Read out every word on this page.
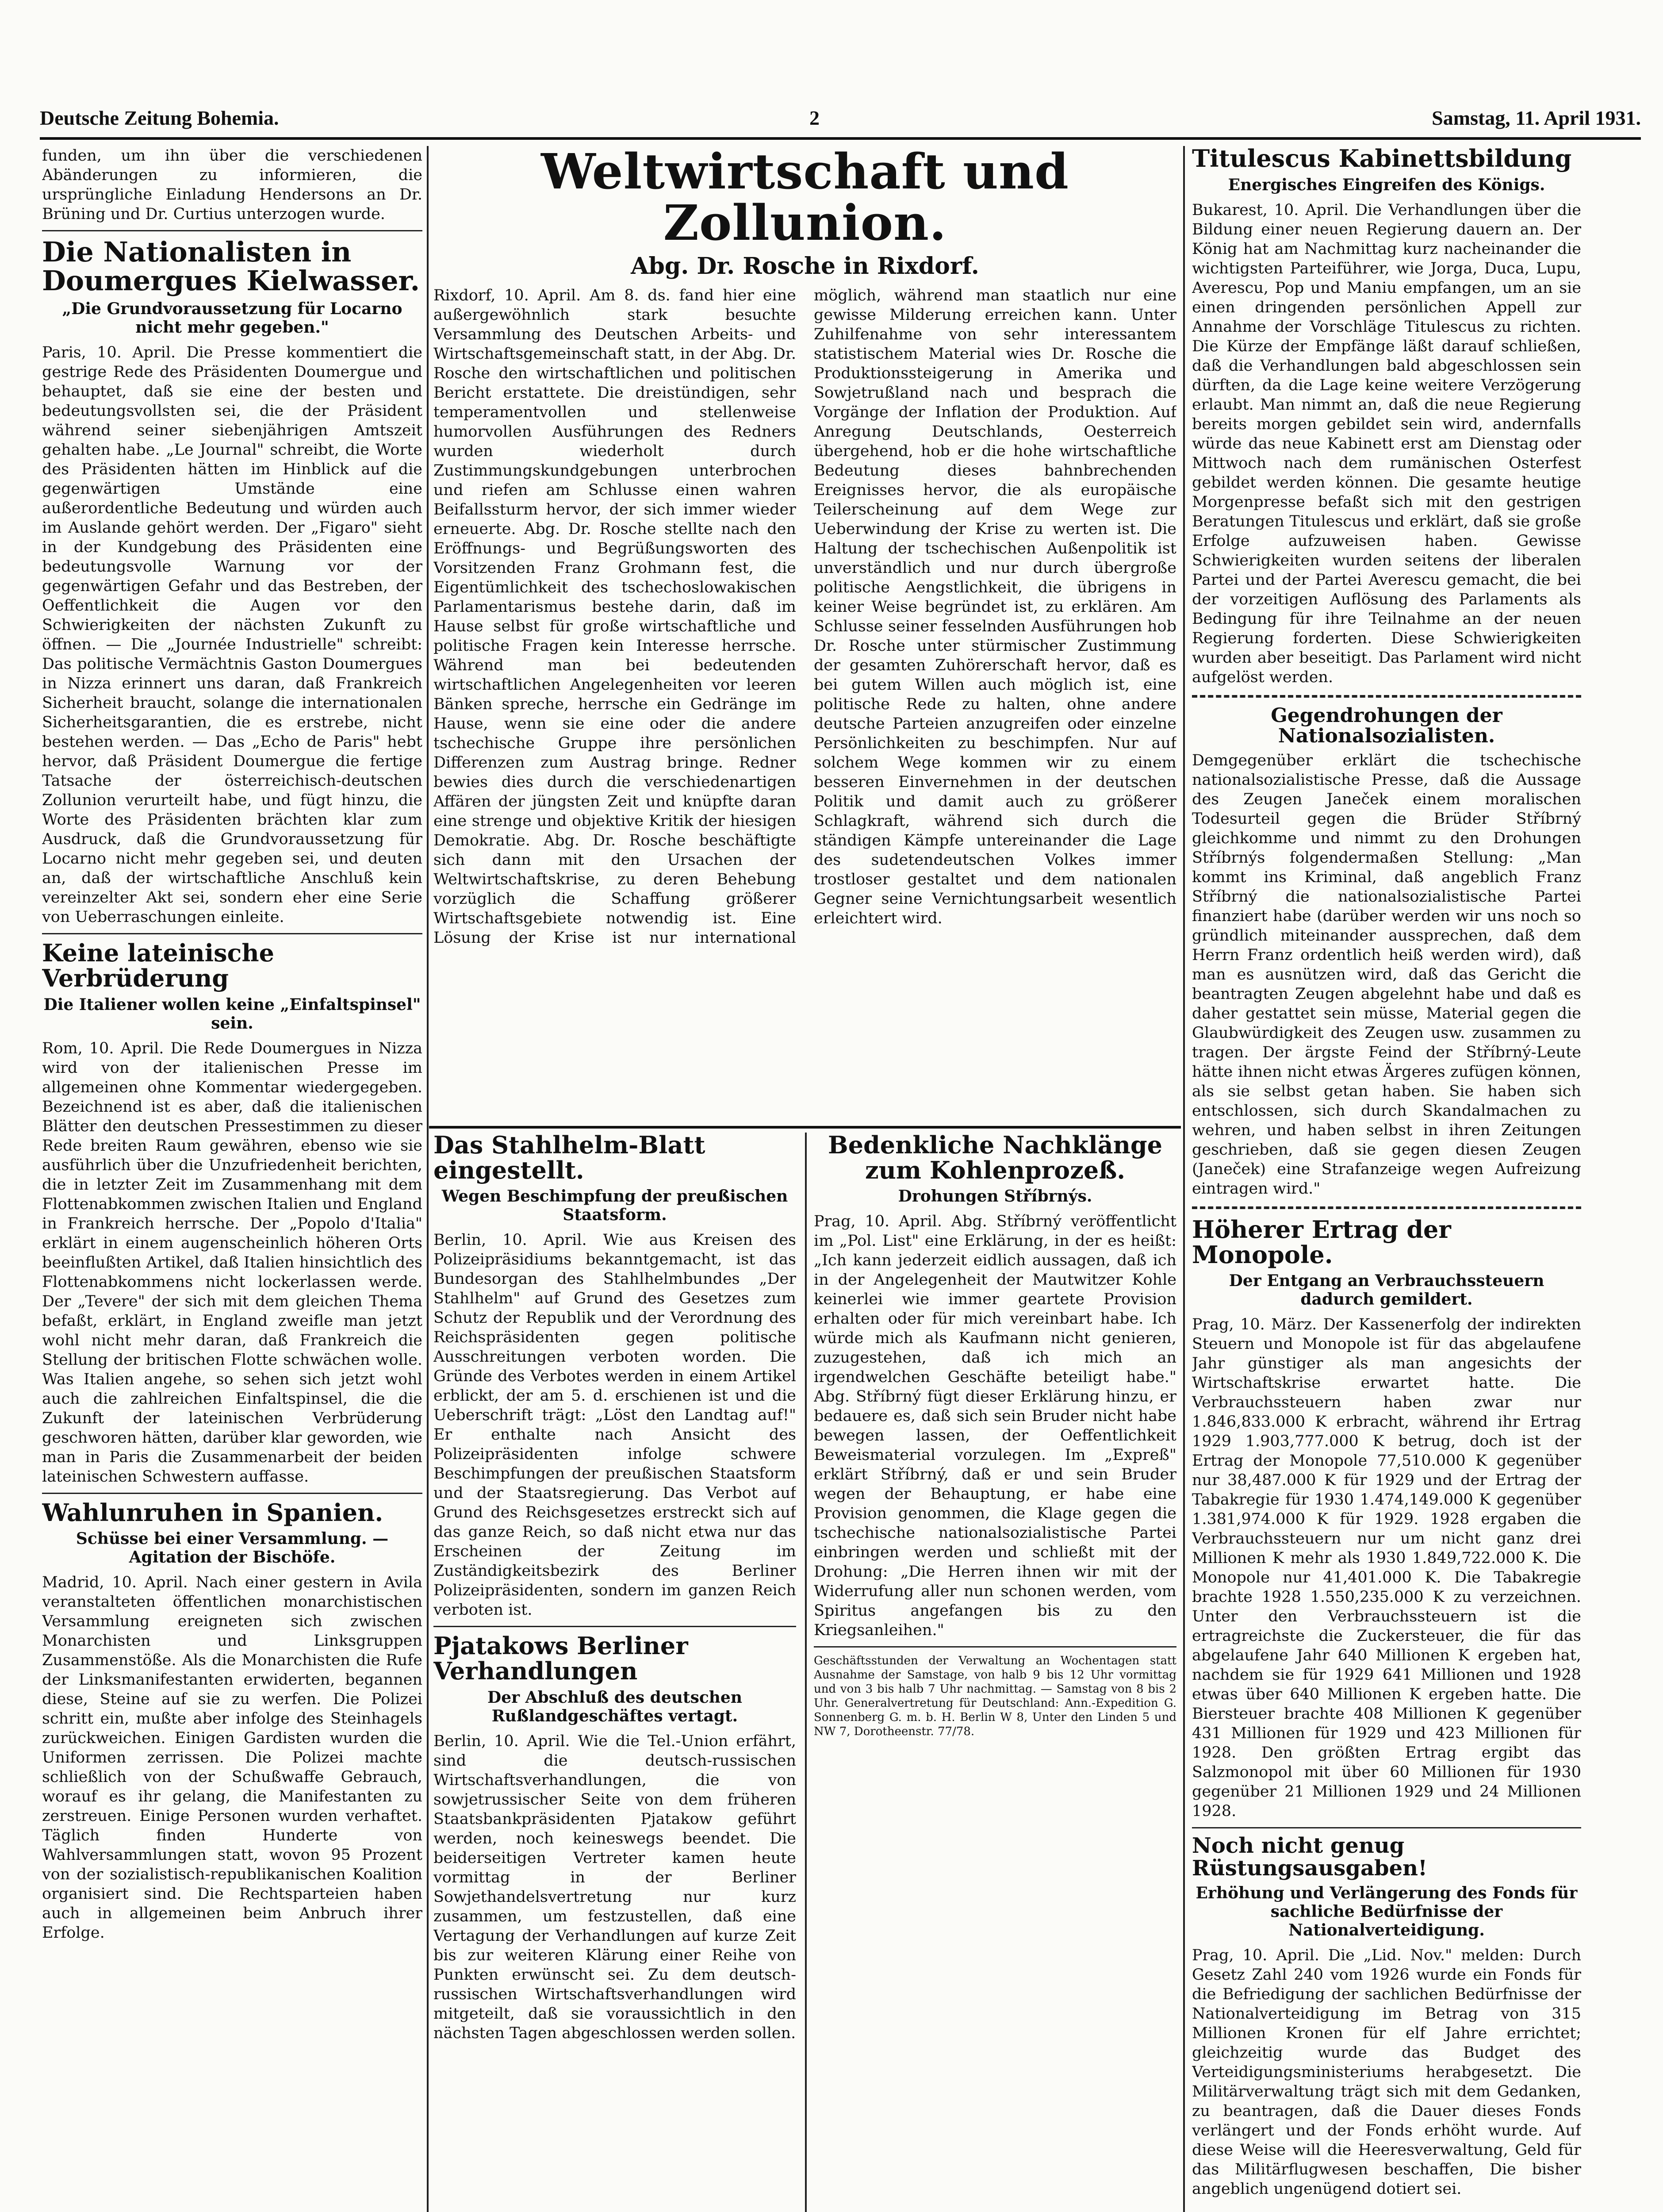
Deutsche Zeitung Bohemia.	2	Samstag, 11. April 1931.

funden, um ihn über die verschiedenen Abänderungen zu informieren, die ursprüngliche Einladung Hendersons an Dr. Brüning und Dr. Curtius unterzogen wurde.

Die Nationalisten in Doumergues Kielwasser.
„Die Grundvoraussetzung für Locarno nicht mehr gegeben."

Paris, 10. April. Die Presse kommentiert die gestrige Rede des Präsidenten Doumergue und behauptet, daß sie eine der besten und bedeutungsvollsten sei, die der Präsident während seiner siebenjährigen Amtszeit gehalten habe. „Le Journal" schreibt, die Worte des Präsidenten hätten im Hinblick auf die gegenwärtigen Umstände eine außerordentliche Bedeutung und würden auch im Auslande gehört werden. Der „Figaro" sieht in der Kundgebung des Präsidenten eine bedeutungsvolle Warnung vor der gegenwärtigen Gefahr und das Bestreben, der Oeffentlichkeit die Augen vor den Schwierigkeiten der nächsten Zukunft zu öffnen. — Die „Journée Industrielle" schreibt: Das politische Vermächtnis Gaston Doumergues in Nizza erinnert uns daran, daß Frankreich Sicherheit braucht, solange die internationalen Sicherheitsgarantien, die es erstrebe, nicht bestehen werden. — Das „Echo de Paris" hebt hervor, daß Präsident Doumergue die fertige Tatsache der österreichisch-deutschen Zollunion verurteilt habe, und fügt hinzu, die Worte des Präsidenten brächten klar zum Ausdruck, daß die Grundvoraussetzung für Locarno nicht mehr gegeben sei, und deuten an, daß der wirtschaftliche Anschluß kein vereinzelter Akt sei, sondern eher eine Serie von Ueberraschungen einleite.

Keine lateinische Verbrüderung
Die Italiener wollen keine „Einfaltspinsel" sein.

Rom, 10. April. Die Rede Doumergues in Nizza wird von der italienischen Presse im allgemeinen ohne Kommentar wiedergegeben. Bezeichnend ist es aber, daß die italienischen Blätter den deutschen Pressestimmen zu dieser Rede breiten Raum gewähren, ebenso wie sie ausführlich über die Unzufriedenheit berichten, die in letzter Zeit im Zusammenhang mit dem Flottenabkommen zwischen Italien und England in Frankreich herrsche. Der „Popolo d'Italia" erklärt in einem augenscheinlich höheren Orts beeinflußten Artikel, daß Italien hinsichtlich des Flottenabkommens nicht lockerlassen werde. Der „Tevere" der sich mit dem gleichen Thema befaßt, erklärt, in England zweifle man jetzt wohl nicht mehr daran, daß Frankreich die Stellung der britischen Flotte schwächen wolle. Was Italien angehe, so sehen sich jetzt wohl auch die zahlreichen Einfaltspinsel, die die Zukunft der lateinischen Verbrüderung geschworen hätten, darüber klar geworden, wie man in Paris die Zusammenarbeit der beiden lateinischen Schwestern auffasse.

Wahlunruhen in Spanien.
Schüsse bei einer Versammlung. — Agitation der Bischöfe.

Madrid, 10. April. Nach einer gestern in Avila veranstalteten öffentlichen monarchistischen Versammlung ereigneten sich zwischen Monarchisten und Linksgruppen Zusammenstöße. Als die Monarchisten die Rufe der Linksmanifestanten erwiderten, begannen diese, Steine auf sie zu werfen. Die Polizei schritt ein, mußte aber infolge des Steinhagels zurückweichen. Einigen Gardisten wurden die Uniformen zerrissen. Die Polizei machte schließlich von der Schußwaffe Gebrauch, worauf es ihr gelang, die Manifestanten zu zerstreuen. Einige Personen wurden verhaftet. Täglich finden Hunderte von Wahlversammlungen statt, wovon 95 Prozent von der sozialistisch-republikanischen Koalition organisiert sind. Die Rechtsparteien haben auch in allgemeinen beim Anbruch ihrer Erfolge.

Weltwirtschaft und Zollunion.
Abg. Dr. Rosche in Rixdorf.

Rixdorf, 10. April. Am 8. ds. fand hier eine außergewöhnlich stark besuchte Versammlung des Deutschen Arbeits- und Wirtschaftsgemeinschaft statt, in der Abg. Dr. Rosche den wirtschaftlichen und politischen Bericht erstattete. Die dreistündigen, sehr temperamentvollen und stellenweise humorvollen Ausführungen des Redners wurden wiederholt durch Zustimmungskundgebungen unterbrochen und riefen am Schlusse einen wahren Beifallssturm hervor, der sich immer wieder erneuerte. Abg. Dr. Rosche stellte nach den Eröffnungs- und Begrüßungsworten des Vorsitzenden Franz Grohmann fest, die Eigentümlichkeit des tschechoslowakischen Parlamentarismus bestehe darin, daß im Hause selbst für große wirtschaftliche und politische Fragen kein Interesse herrsche. Während man bei bedeutenden wirtschaftlichen Angelegenheiten vor leeren Bänken spreche, herrsche ein Gedränge im Hause, wenn sie eine oder die andere tschechische Gruppe ihre persönlichen Differenzen zum Austrag bringe. Redner bewies dies durch die verschiedenartigen Affären der jüngsten Zeit und knüpfte daran eine strenge und objektive Kritik der hiesigen Demokratie. Abg. Dr. Rosche beschäftigte sich dann mit den Ursachen der Weltwirtschaftskrise, zu deren Behebung vorzüglich die Schaffung größerer Wirtschaftsgebiete notwendig ist. Eine Lösung der Krise ist nur international möglich, während man staatlich nur eine gewisse Milderung erreichen kann. Unter Zuhilfenahme von sehr interessantem statistischem Material wies Dr. Rosche die Produktionssteigerung in Amerika und Sowjetrußland nach und besprach die Vorgänge der Inflation der Produktion. Auf Anregung Deutschlands, Oesterreich übergehend, hob er die hohe wirtschaftliche Bedeutung dieses bahnbrechenden Ereignisses hervor, die als europäische Teilerscheinung auf dem Wege zur Ueberwindung der Krise zu werten ist. Die Haltung der tschechischen Außenpolitik ist unverständlich und nur durch übergroße politische Aengstlichkeit, die übrigens in keiner Weise begründet ist, zu erklären. Am Schlusse seiner fesselnden Ausführungen hob Dr. Rosche unter stürmischer Zustimmung der gesamten Zuhörerschaft hervor, daß es bei gutem Willen auch möglich ist, eine politische Rede zu halten, ohne andere deutsche Parteien anzugreifen oder einzelne Persönlichkeiten zu beschimpfen. Nur auf solchem Wege kommen wir zu einem besseren Einvernehmen in der deutschen Politik und damit auch zu größerer Schlagkraft, während sich durch die ständigen Kämpfe untereinander die Lage des sudetendeutschen Volkes immer trostloser gestaltet und dem nationalen Gegner seine Vernichtungsarbeit wesentlich erleichtert wird.

Das Stahlhelm-Blatt eingestellt.
Wegen Beschimpfung der preußischen Staatsform.

Berlin, 10. April. Wie aus Kreisen des Polizeipräsidiums bekanntgemacht, ist das Bundesorgan des Stahlhelmbundes „Der Stahlhelm" auf Grund des Gesetzes zum Schutz der Republik und der Verordnung des Reichspräsidenten gegen politische Ausschreitungen verboten worden. Die Gründe des Verbotes werden in einem Artikel erblickt, der am 5. d. erschienen ist und die Ueberschrift trägt: „Löst den Landtag auf!" Er enthalte nach Ansicht des Polizeipräsidenten infolge schwere Beschimpfungen der preußischen Staatsform und der Staatsregierung. Das Verbot auf Grund des Reichsgesetzes erstreckt sich auf das ganze Reich, so daß nicht etwa nur das Erscheinen der Zeitung im Zuständigkeitsbezirk des Berliner Polizeipräsidenten, sondern im ganzen Reich verboten ist.

Pjatakows Berliner Verhandlungen
Der Abschluß des deutschen Rußlandgeschäftes vertagt.

Berlin, 10. April. Wie die Tel.-Union erfährt, sind die deutsch-russischen Wirtschaftsverhandlungen, die von sowjetrussischer Seite von dem früheren Staatsbankpräsidenten Pjatakow geführt werden, noch keineswegs beendet. Die beiderseitigen Vertreter kamen heute vormittag in der Berliner Sowjethandelsvertretung nur kurz zusammen, um festzustellen, daß eine Vertagung der Verhandlungen auf kurze Zeit bis zur weiteren Klärung einer Reihe von Punkten erwünscht sei. Zu dem deutsch-russischen Wirtschaftsverhandlungen wird mitgeteilt, daß sie voraussichtlich in den nächsten Tagen abgeschlossen werden sollen.

Bedenkliche Nachklänge zum Kohlenprozeß.
Drohungen Stříbrnýs.

Prag, 10. April. Abg. Stříbrný veröffentlicht im „Pol. List" eine Erklärung, in der es heißt: „Ich kann jederzeit eidlich aussagen, daß ich in der Angelegenheit der Mautwitzer Kohle keinerlei wie immer geartete Provision erhalten oder für mich vereinbart habe. Ich würde mich als Kaufmann nicht genieren, zuzugestehen, daß ich mich an irgendwelchen Geschäfte beteiligt habe." Abg. Stříbrný fügt dieser Erklärung hinzu, er bedauere es, daß sich sein Bruder nicht habe bewegen lassen, der Oeffentlichkeit Beweismaterial vorzulegen. Im „Expreß" erklärt Stříbrný, daß er und sein Bruder wegen der Behauptung, er habe eine Provision genommen, die Klage gegen die tschechische nationalsozialistische Partei einbringen werden und schließt mit der Drohung: „Die Herren ihnen wir mit der Widerrufung aller nun schonen werden, vom Spiritus angefangen bis zu den Kriegsanleihen."

Geschäftsstunden der Verwaltung an Wochentagen statt Ausnahme der Samstage, von halb 9 bis 12 Uhr vormittag und von 3 bis halb 7 Uhr nachmittag. — Samstag von 8 bis 2 Uhr. Generalvertretung für Deutschland: Ann.-Expedition G. Sonnenberg G. m. b. H. Berlin W 8, Unter den Linden 5 und NW 7, Dorotheenstr. 77/78.

Titulescus Kabinettsbildung
Energisches Eingreifen des Königs.

Bukarest, 10. April. Die Verhandlungen über die Bildung einer neuen Regierung dauern an. Der König hat am Nachmittag kurz nacheinander die wichtigsten Parteiführer, wie Jorga, Duca, Lupu, Averescu, Pop und Maniu empfangen, um an sie einen dringenden persönlichen Appell zur Annahme der Vorschläge Titulescus zu richten. Die Kürze der Empfänge läßt darauf schließen, daß die Verhandlungen bald abgeschlossen sein dürften, da die Lage keine weitere Verzögerung erlaubt. Man nimmt an, daß die neue Regierung bereits morgen gebildet sein wird, andernfalls würde das neue Kabinett erst am Dienstag oder Mittwoch nach dem rumänischen Osterfest gebildet werden können. Die gesamte heutige Morgenpresse befaßt sich mit den gestrigen Beratungen Titulescus und erklärt, daß sie große Erfolge aufzuweisen haben. Gewisse Schwierigkeiten wurden seitens der liberalen Partei und der Partei Averescu gemacht, die bei der vorzeitigen Auflösung des Parlaments als Bedingung für ihre Teilnahme an der neuen Regierung forderten. Diese Schwierigkeiten wurden aber beseitigt. Das Parlament wird nicht aufgelöst werden.

Gegendrohungen der Nationalsozialisten.

Demgegenüber erklärt die tschechische nationalsozialistische Presse, daß die Aussage des Zeugen Janeček einem moralischen Todesurteil gegen die Brüder Stříbrný gleichkomme und nimmt zu den Drohungen Stříbrnýs folgendermaßen Stellung: „Man kommt ins Kriminal, daß angeblich Franz Stříbrný die nationalsozialistische Partei finanziert habe (darüber werden wir uns noch so gründlich miteinander aussprechen, daß dem Herrn Franz ordentlich heiß werden wird), daß man es ausnützen wird, daß das Gericht die beantragten Zeugen abgelehnt habe und daß es daher gestattet sein müsse, Material gegen die Glaubwürdigkeit des Zeugen usw. zusammen zu tragen. Der ärgste Feind der Stříbrný-Leute hätte ihnen nicht etwas Ärgeres zufügen können, als sie selbst getan haben. Sie haben sich entschlossen, sich durch Skandalmachen zu wehren, und haben selbst in ihren Zeitungen geschrieben, daß sie gegen diesen Zeugen (Janeček) eine Strafanzeige wegen Aufreizung eintragen wird."

Höherer Ertrag der Monopole.
Der Entgang an Verbrauchssteuern dadurch gemildert.

Prag, 10. März. Der Kassenerfolg der indirekten Steuern und Monopole ist für das abgelaufene Jahr günstiger als man angesichts der Wirtschaftskrise erwartet hatte. Die Verbrauchssteuern haben zwar nur 1.846,833.000 K erbracht, während ihr Ertrag 1929 1.903,777.000 K betrug, doch ist der Ertrag der Monopole 77,510.000 K gegenüber nur 38,487.000 K für 1929 und der Ertrag der Tabakregie für 1930 1.474,149.000 K gegenüber 1.381,974.000 K für 1929. 1928 ergaben die Verbrauchssteuern nur um nicht ganz drei Millionen K mehr als 1930 1.849,722.000 K. Die Monopole nur 41,401.000 K. Die Tabakregie brachte 1928 1.550,235.000 K zu verzeichnen. Unter den Verbrauchssteuern ist die ertragreichste die Zuckersteuer, die für das abgelaufene Jahr 640 Millionen K ergeben hat, nachdem sie für 1929 641 Millionen und 1928 etwas über 640 Millionen K ergeben hatte. Die Biersteuer brachte 408 Millionen K gegenüber 431 Millionen für 1929 und 423 Millionen für 1928. Den größten Ertrag ergibt das Salzmonopol mit über 60 Millionen für 1930 gegenüber 21 Millionen 1929 und 24 Millionen 1928.

Noch nicht genug Rüstungsausgaben!
Erhöhung und Verlängerung des Fonds für sachliche Bedürfnisse der Nationalverteidigung.

Prag, 10. April. Die „Lid. Nov." melden: Durch Gesetz Zahl 240 vom 1926 wurde ein Fonds für die Befriedigung der sachlichen Bedürfnisse der Nationalverteidigung im Betrag von 315 Millionen Kronen für elf Jahre errichtet; gleichzeitig wurde das Budget des Verteidigungsministeriums herabgesetzt. Die Militärverwaltung trägt sich mit dem Gedanken, zu beantragen, daß die Dauer dieses Fonds verlängert und der Fonds erhöht wurde. Auf diese Weise will die Heeresverwaltung, Geld für das Militärflugwesen beschaffen, Die bisher angeblich ungenügend dotiert sei.
